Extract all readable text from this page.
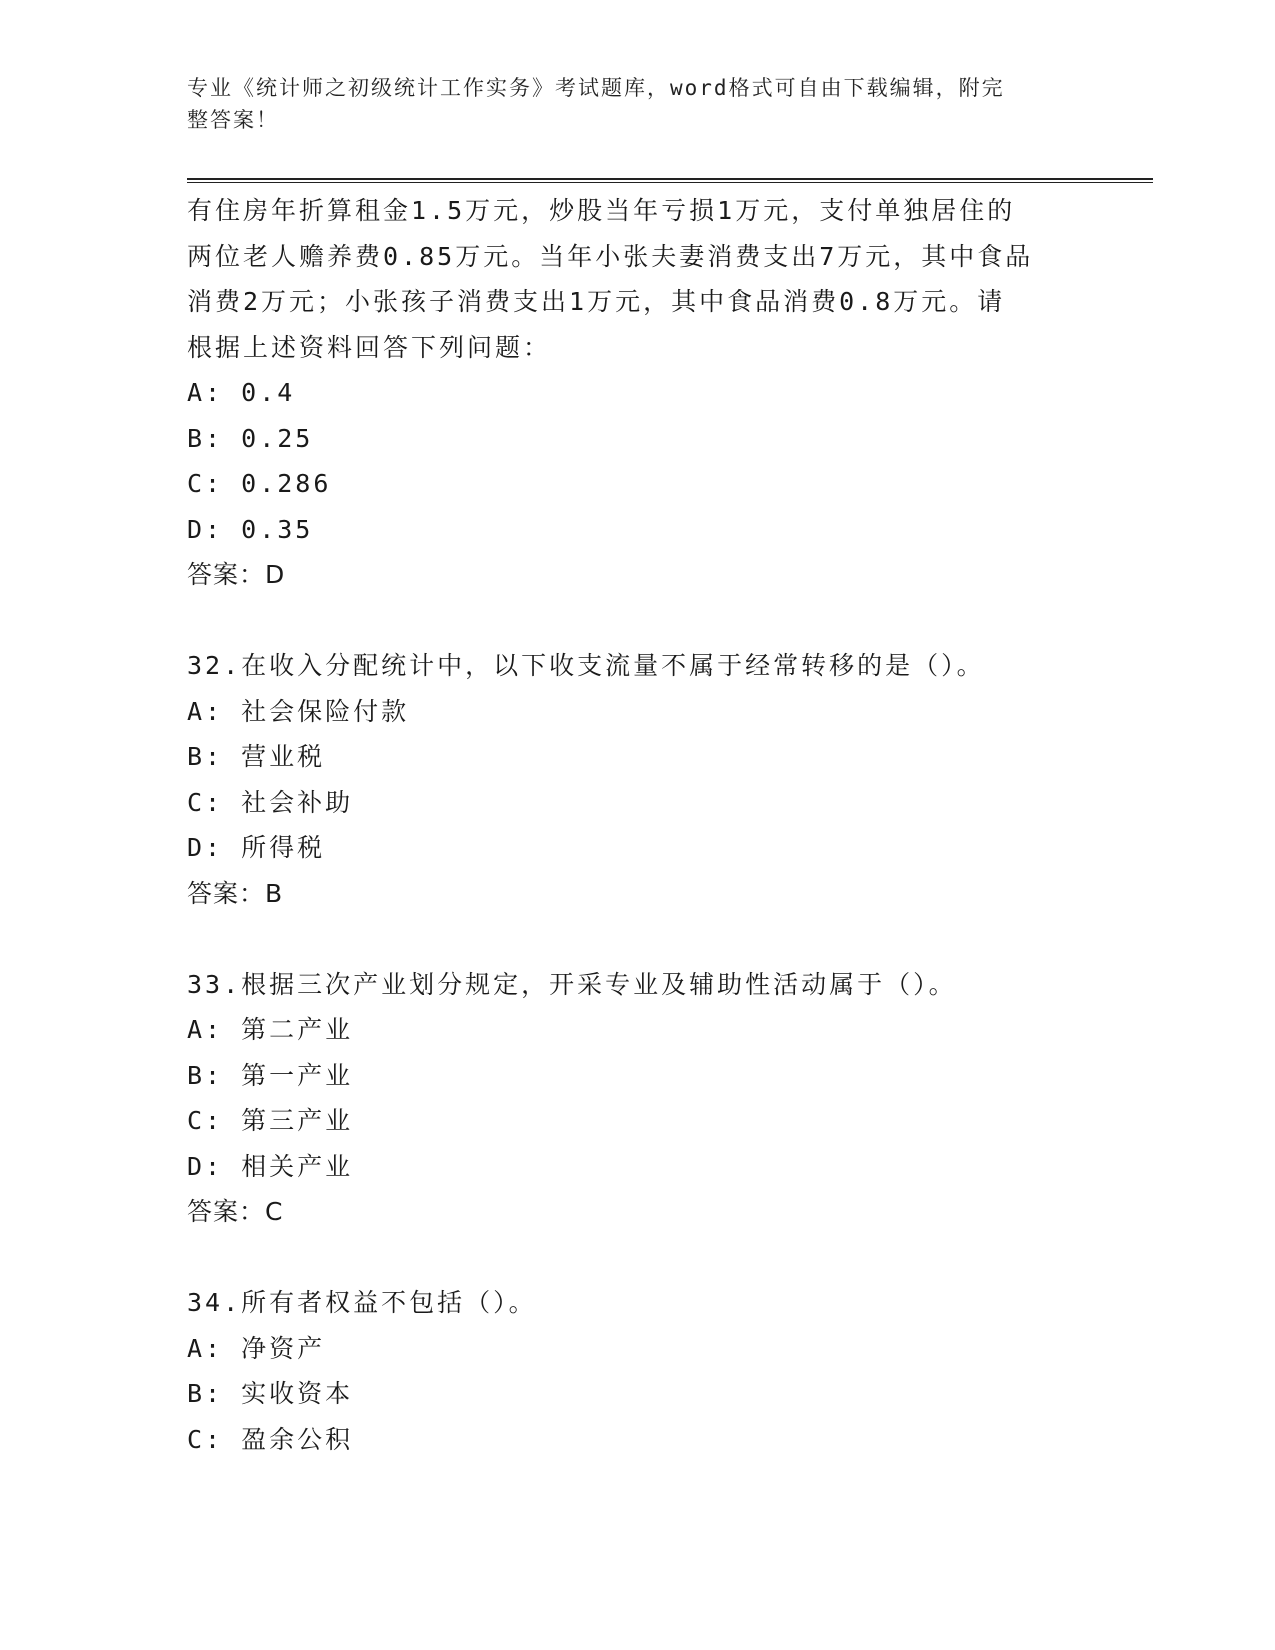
专业《统计师之初级统计工作实务》考试题库，word格式可自由下载编辑，附完
整答案！
有住房年折算租金1.5万元，炒股当年亏损1万元，支付单独居住的
两位老人赡养费0.85万元。当年小张夫妻消费支出7万元，其中食品
消费2万元；小张孩子消费支出1万元，其中食品消费0.8万元。请
根据上述资料回答下列问题：
A: 0.4
B: 0.25
C: 0.286
D: 0.35
答案：D
32.在收入分配统计中，以下收支流量不属于经常转移的是（）。
A: 社会保险付款
B: 营业税
C: 社会补助
D: 所得税
答案：B
33.根据三次产业划分规定，开采专业及辅助性活动属于（）。
A: 第二产业
B: 第一产业
C: 第三产业
D: 相关产业
答案：C
34.所有者权益不包括（）。
A: 净资产
B: 实收资本
C: 盈余公积
